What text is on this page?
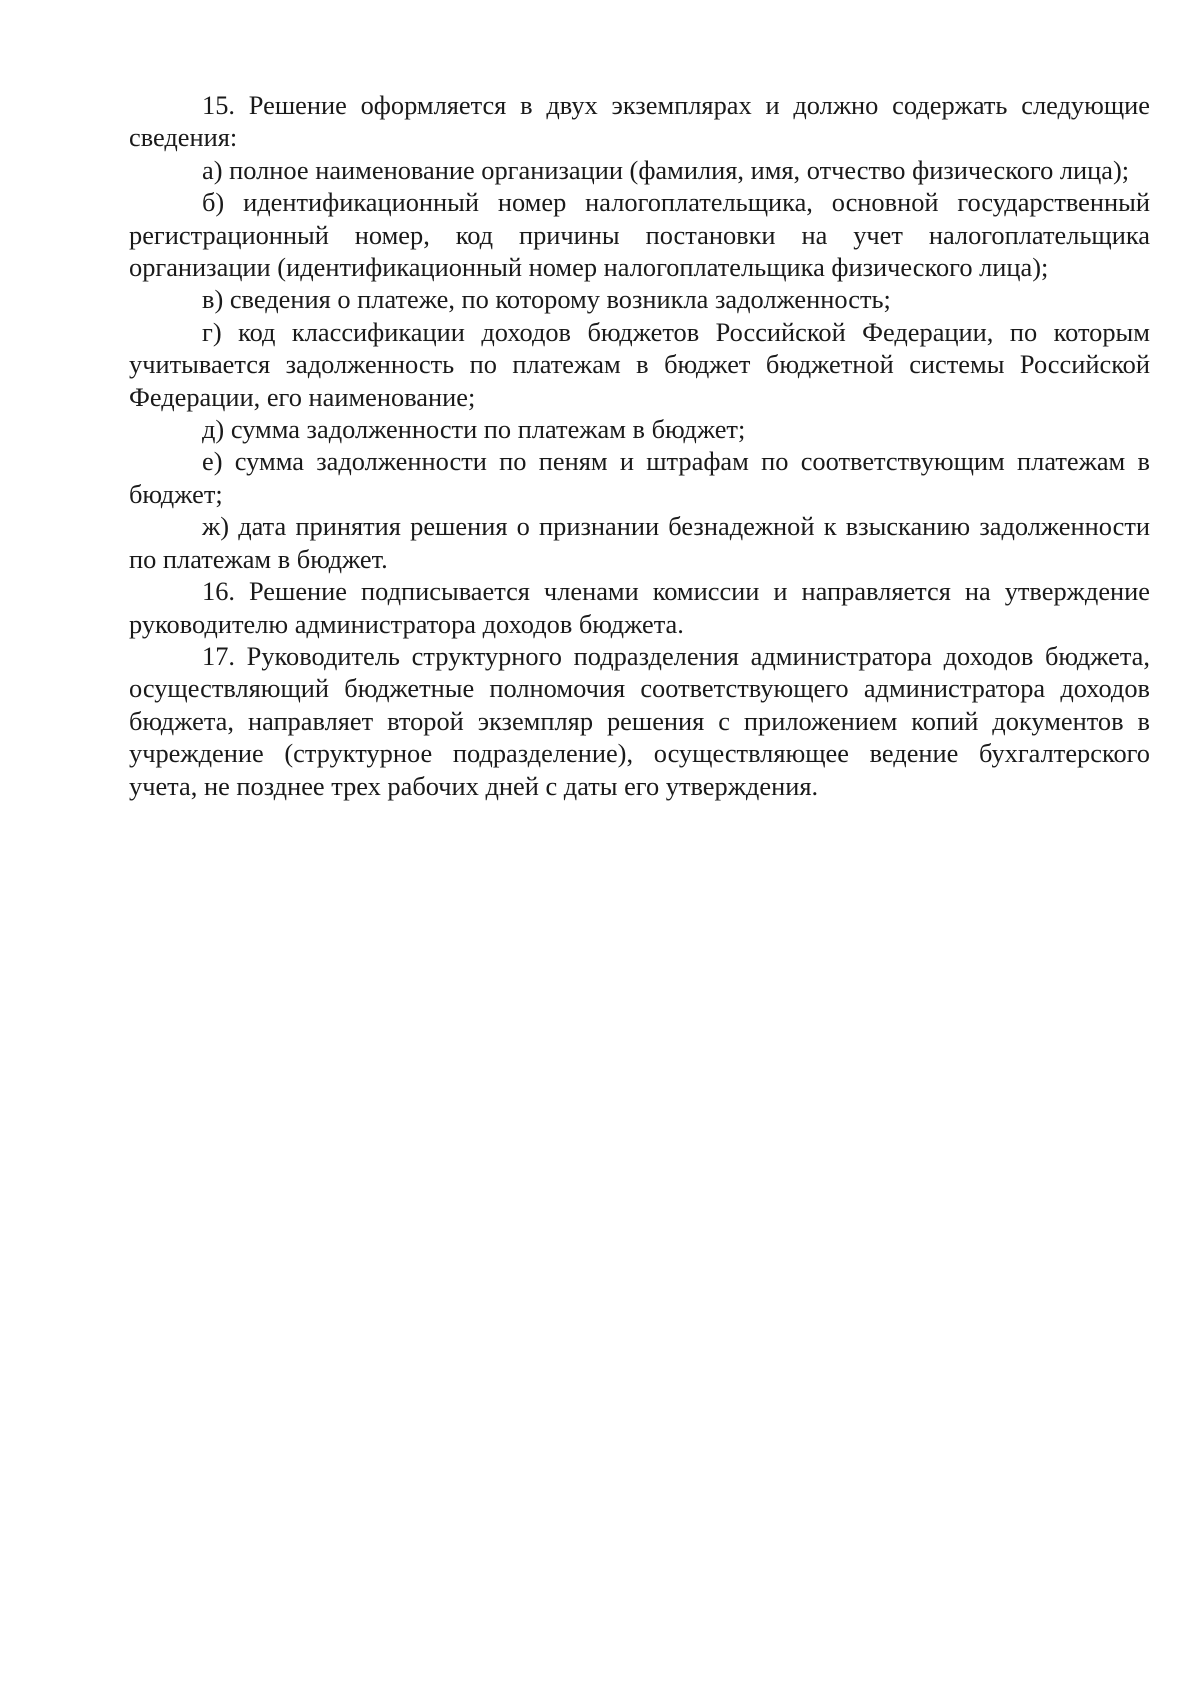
15. Решение оформляется в двух экземплярах и должно содержать следующие сведения:

а) полное наименование организации (фамилия, имя, отчество физического лица);

б) идентификационный номер налогоплательщика, основной государственный регистрационный номер, код причины постановки на учет налогоплательщика организации (идентификационный номер налогоплательщика физического лица);

в) сведения о платеже, по которому возникла задолженность;

г) код классификации доходов бюджетов Российской Федерации, по которым учитывается задолженность по платежам в бюджет бюджетной системы Российской Федерации, его наименование;

д) сумма задолженности по платежам в бюджет;

е) сумма задолженности по пеням и штрафам по соответствующим платежам в бюджет;

ж) дата принятия решения о признании безнадежной к взысканию задолженности по платежам в бюджет.

16. Решение подписывается членами комиссии и направляется на утверждение руководителю администратора доходов бюджета.

17. Руководитель структурного подразделения администратора доходов бюджета, осуществляющий бюджетные полномочия соответствующего администратора доходов бюджета, направляет второй экземпляр решения с приложением копий документов в учреждение (структурное подразделение), осуществляющее ведение бухгалтерского учета, не позднее трех рабочих дней с даты его утверждения.
